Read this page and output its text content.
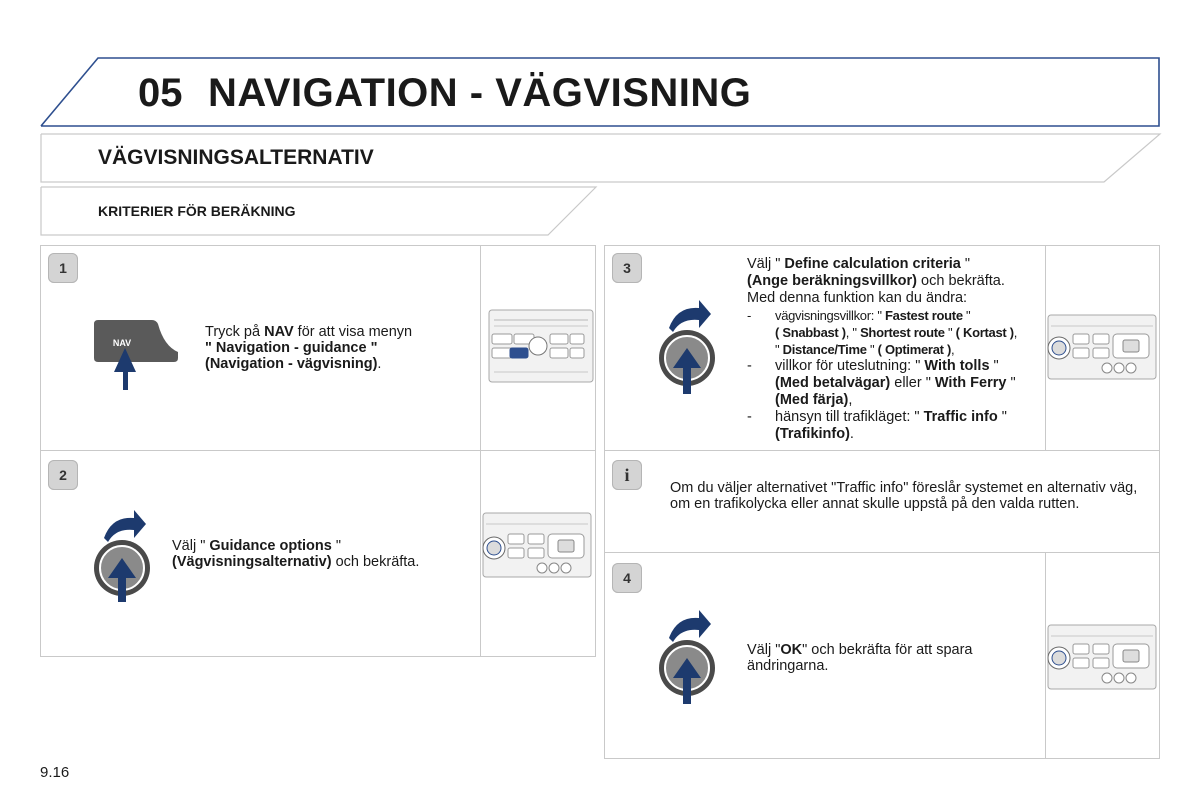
05 NAVIGATION - VÄGVISNING
VÄGVISNINGSALTERNATIV
KRITERIER FÖR BERÄKNING
1
NAV
Tryck på NAV för att visa menyn
" Navigation - guidance "
(Navigation - vägvisning).
2
Välj " Guidance options "
(Vägvisningsalternativ) och bekräfta.
3	Välj " Define calculation criteria "
(Ange beräkningsvillkor) och bekräfta.
Med denna funktion kan du ändra:
- vägvisningsvillkor: " Fastest route "
( Snabbast ), " Shortest route " ( Kortast ),
" Distance/Time " ( Optimerat ),
- villkor för uteslutning: " With tolls "
(Med betalvägar) eller " With Ferry "
(Med färja),
- hänsyn till trafikläget: " Traffic info "
(Trafikinfo).
i
Om du väljer alternativet "Traffic info" föreslår systemet en alternativ väg, om en trafikolycka eller annat skulle uppstå på den valda rutten.
4
Välj "OK" och bekräfta för att spara
ändringarna.
9.16
